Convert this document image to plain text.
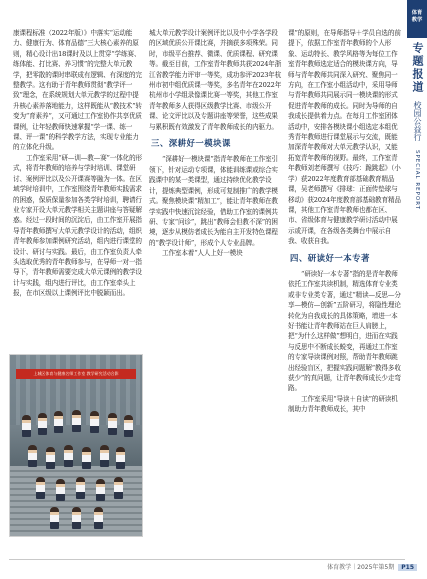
康课程标准（2022年版）》中落实“运动能力、健康行为、体育品德”三大核心素养的原则，精心设计出18课时及以上贯穿“学练赛、练体能、打比赛、养习惯”的完整大单元教学，把零散的课时串联成有逻辑、有深度的完整教学。这有助于青年教师贯彻“教学评一致”理念，在系统规划大单元教学的过程中提升核心素养落地能力，这样既能从“教技术”转变为“育素养”，又可通过工作室协作共享优质课例，让年轻教师快速掌握“学一课、练一课、评一课”的科学教学方法，实现专业能力的立体化升级。

工作室采用“研—训—教—赛”一体化的形式，将青年教师的培养与学时培训、课堂研讨、案例评比以及公开课赛等融为一体。在区域学时培训中，工作室围绕青年教师实践需求的困惑，保质保量参加各类学时培训，聘请行业专家开设大单元教学相关主题讲座与答疑解惑。经过一段时间的沉淀后，由工作室开展指导青年教师撰写大单元教学设计的活动，组织青年教师参加课例研究活动，组内进行课堂的设计、研讨与实践。最后，由工作室负责人牵头选取优秀的青年教师参与，在导师一对一指导下，青年教师需要完成大单元课例的教学设计与实践，组内进行评比，由工作室牵头上报，在市区级以上课例评比中脱颖而出。

上城区体育与健康名师工作室 教学研究活动合影

城大单元教学设计案例评比以及中小学各学段的区域优质公开课比赛，并摘获多项殊荣。同时，市级平台推荐、微课、优质课程、研究课等。截至目前，工作室青年教师共获2024年浙江省教学能力评审一等奖，成功参评2023年杭州市初中组优质课一等奖，多名青年在2022年杭州市小学组录像课比赛一等奖，其他工作室青年教师多人获得区级教学比赛、市级公开课、论文评比以及专题讲座等荣誉，这些成果与累积既有效激发了青年教师成长的内驱力。

三、深耕好一模块课

“深耕好一模块课”指青年教师在工作室引领下，针对运动专项课，体能训练课或综合实践课中的某一类课型，通过持续优化教学设计，提炼典型课例，形成可复制推广的教学模式。聚焦模块课“精加工”，能让青年教师在教学实践中快速沉淀经验，借助工作室的课例共研、专家“问诊”，跳出“教师会但教不深”的困境，逐步从模仿者成长为能自主开发特色课程的“教学设计师”，形成个人专业品牌。

工作室本着“人人上好一模块

课”的原则，在导师指导＋学员自选的前提下，依据工作室青年教师的个人形象、运动特长、教学风格等为每位工作室青年教师选定适合的模块课方向，导师与青年教师共同深入研究、聚焦同一方向，在工作室小组活动中，采用导师与青年教师共同展示同一模块课的形式促进青年教师的成长。同时为导师的自我成长提供着力点。在每月工作室团体活动中，安排各模块课小组选定本组优秀青年教师进行课堂展示与交流，既能加深青年教师对大单元教学认识，又能拓宽青年教师的视野。最终，工作室青年教师刘老师撰写《技巧：跪跳起》（小学）获2022年度教育部基础教育精品课，吴老师撰写《排球：正面传垫球与移动》获2024年度教育部基础教育精品课，其他工作室青年教师也都在区、市、省级体育与健康教学研讨活动中展示或开课，在各级各类舞台中展示自我、收获自我。

四、研读好一本专著

“研读好一本专著”指的是青年教师依托工作室共读机制，精选体育专业类或非专业类专著，通过“精读—反思—分享—模仿—创新”五阶研习，将隐性理论转化为自我成长的具体策略，增进一本好书能让青年教师站在巨人肩膀上，把“为什么这样做”想明白，进而在实践与反思中不断成长蜕变，再通过工作室的专家导读课例对照，帮助青年教师跳出经验盲区，把握实践问题解“教得多收获少”的真问题，让青年教师成长少走弯路。

工作室采用“导读＋自读”的研读机制助力青年教师成长，其中

体育
教学
专题报道 校园公益行 SPECIAL REPORT
体育教学｜2025年第5期 P15
